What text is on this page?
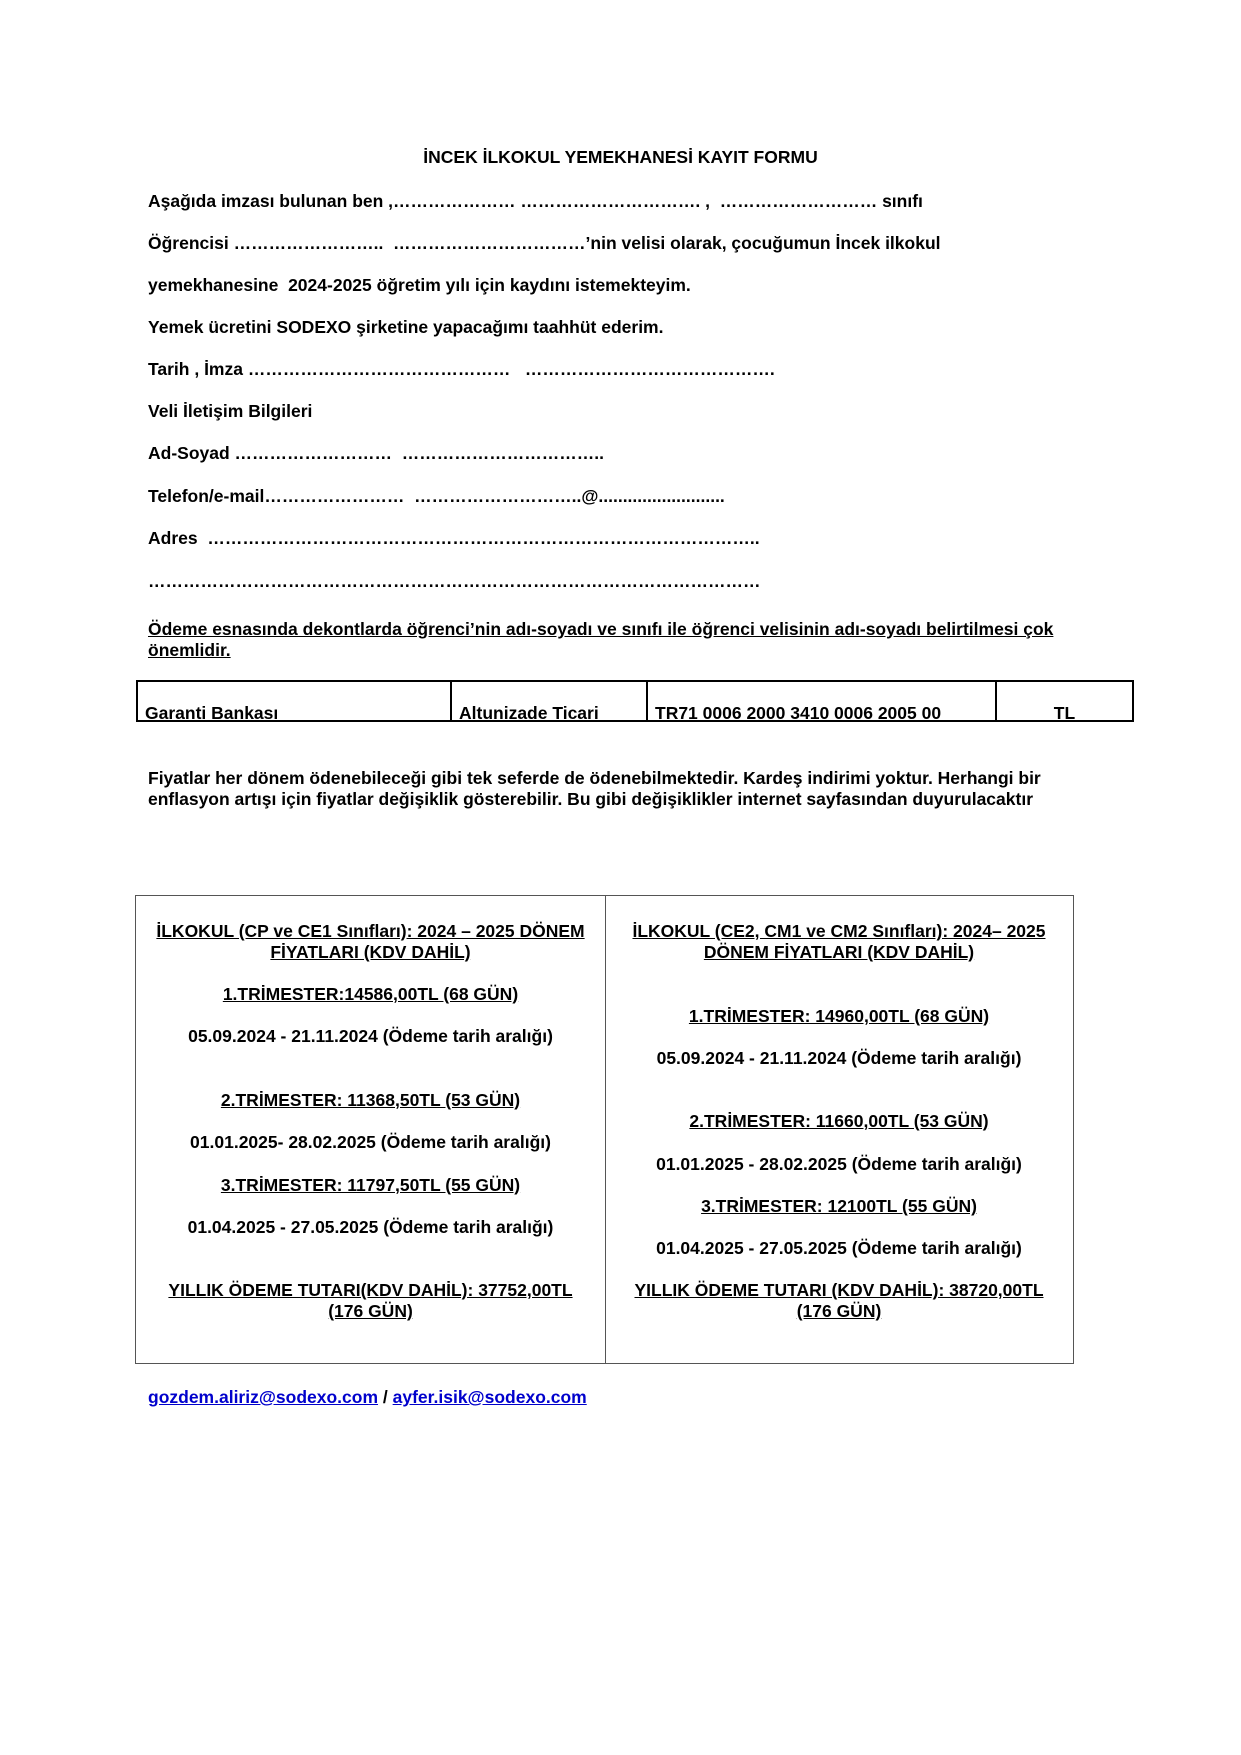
İNCEK İLKOKUL YEMEKHANESİ KAYIT FORMU
Aşağıda imzası bulunan ben ,………………… …………………………. ,  ……………………… sınıfı
Öğrencisi ……………………..  ……………………………’nin velisi olarak, çocuğumun İncek ilkokul
yemekhanesine  2024-2025 öğretim yılı için kaydını istemekteyim.
Yemek ücretini SODEXO şirketine yapacağımı taahhüt ederim.
Tarih , İmza ………………………………………   …………………………………….
Veli İletişim Bilgileri
Ad-Soyad ………………………  ……………………………..
Telefon/e-mail……………………  ………………………..@..........................
Adres  …………………………………………………………………………………..
……………………………………………………………………………………………
Ödeme esnasında dekontlarda öğrenci’nin adı-soyadı ve sınıfı ile öğrenci velisinin adı-soyadı belirtilmesi çok önemlidir.
Garanti Bankası	Altunizade Ticari	TR71 0006 2000 3410 0006 2005 00	TL
Fiyatlar her dönem ödenebileceği gibi tek seferde de ödenebilmektedir. Kardeş indirimi yoktur. Herhangi bir enflasyon artışı için fiyatlar değişiklik gösterebilir. Bu gibi değişiklikler internet sayfasından duyurulacaktır
İLKOKUL (CP ve CE1 Sınıfları): 2024 – 2025 DÖNEM FİYATLARI (KDV DAHİL)
1.TRİMESTER:14586,00TL (68 GÜN)
05.09.2024 - 21.11.2024 (Ödeme tarih aralığı)
2.TRİMESTER: 11368,50TL (53 GÜN)
01.01.2025- 28.02.2025 (Ödeme tarih aralığı)
3.TRİMESTER: 11797,50TL (55 GÜN)
01.04.2025 - 27.05.2025 (Ödeme tarih aralığı)
YILLIK ÖDEME TUTARI(KDV DAHİL): 37752,00TL (176 GÜN)
İLKOKUL (CE2, CM1 ve CM2 Sınıfları): 2024– 2025 DÖNEM FİYATLARI (KDV DAHİL)
1.TRİMESTER: 14960,00TL (68 GÜN)
05.09.2024 - 21.11.2024 (Ödeme tarih aralığı)
2.TRİMESTER: 11660,00TL (53 GÜN)
01.01.2025 - 28.02.2025 (Ödeme tarih aralığı)
3.TRİMESTER: 12100TL (55 GÜN)
01.04.2025 - 27.05.2025 (Ödeme tarih aralığı)
YILLIK ÖDEME TUTARI (KDV DAHİL): 38720,00TL (176 GÜN)
gozdem.aliriz@sodexo.com / ayfer.isik@sodexo.com
